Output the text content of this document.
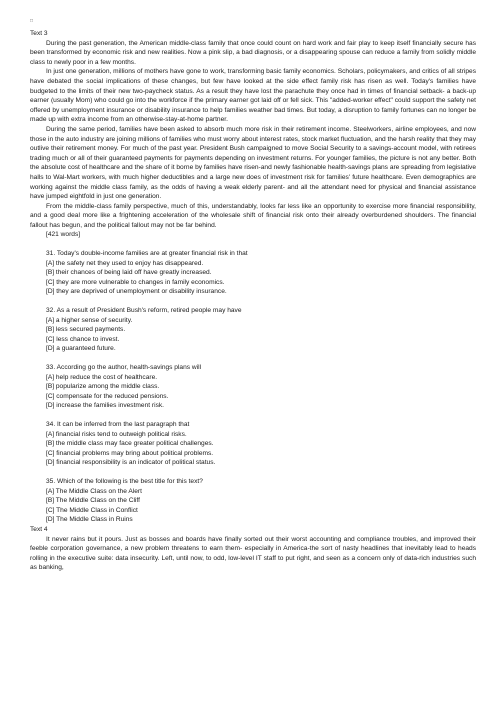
□
Text 3

During the past generation, the American middle-class family that once could count on hard work and fair play to keep itself financially secure has been transformed by economic risk and new realities. Now a pink slip, a bad diagnosis, or a disappearing spouse can reduce a family from solidly middle class to newly poor in a few months.

In just one generation, millions of mothers have gone to work, transforming basic family economics. Scholars, policymakers, and critics of all stripes have debated the social implications of these changes, but few have looked at the side effect family risk has risen as well. Today's families have budgeted to the limits of their new two-paycheck status. As a result they have lost the parachute they once had in times of financial setback- a back-up earner (usually Mom) who could go into the workforce if the primary earner got laid off or fell sick. This "added-worker effect" could support the safety net offered by unemployment insurance or disability insurance to help families weather bad times. But today, a disruption to family fortunes can no longer be made up with extra income from an otherwise-stay-at-home partner.

During the same period, families have been asked to absorb much more risk in their retirement income. Steelworkers, airline employees, and now those in the auto industry are joining millions of families who must worry about interest rates, stock market fluctuation, and the harsh reality that they may outlive their retirement money. For much of the past year. President Bush campaigned to move Social Security to a savings-account model, with retirees trading much or all of their guaranteed payments for payments depending on investment returns. For younger families, the picture is not any better. Both the absolute cost of healthcare and the share of it borne by families have risen-and newly fashionable health-savings plans are spreading from legislative halls to Wal-Mart workers, with much higher deductibles and a large new does of investment risk for families' future healthcare. Even demographics are working against the middle class family, as the odds of having a weak elderly parent- and all the attendant need for physical and financial assistance have jumped eightfold in just one generation.

From the middle-class family perspective, much of this, understandably, looks far less like an opportunity to exercise more financial responsibility, and a good deal more like a frightening acceleration of the wholesale shift of financial risk onto their already overburdened shoulders. The financial fallout has begun, and the political fallout may not be far behind.

[421 words]
31. Today's double-income families are at greater financial risk in that
[A] the safety net they used to enjoy has disappeared.
[B] their chances of being laid off have greatly increased.
[C] they are more vulnerable to changes in family economics.
[D] they are deprived of unemployment or disability insurance.
32. As a result of President Bush's reform, retired people may have
[A] a higher sense of security.
[B] less secured payments.
[C] less chance to invest.
[D] a guaranteed future.
33. According go the author, health-savings plans will
[A] help reduce the cost of healthcare.
[B] popularize among the middle class.
[C] compensate for the reduced pensions.
[D] increase the families investment risk.
34. It can be inferred from the last paragraph that
[A] financial risks tend to outweigh political risks.
[B] the middle class may face greater political challenges.
[C] financial problems may bring about political problems.
[D] financial responsibility is an indicator of political status.
35. Which of the following is the best title for this text?
[A] The Middle Class on the Alert
[B] The Middle Class on the Cliff
[C] The Middle Class in Conflict
[D] The Middle Class in Ruins
Text 4

It never rains but it pours. Just as bosses and boards have finally sorted out their worst accounting and compliance troubles, and improved their feeble corporation governance, a new problem threatens to earn them- especially in America-the sort of nasty headlines that inevitably lead to heads rolling in the executive suite: data insecurity. Left, until now, to odd, low-level IT staff to put right, and seen as a concern only of data-rich industries such as banking,
